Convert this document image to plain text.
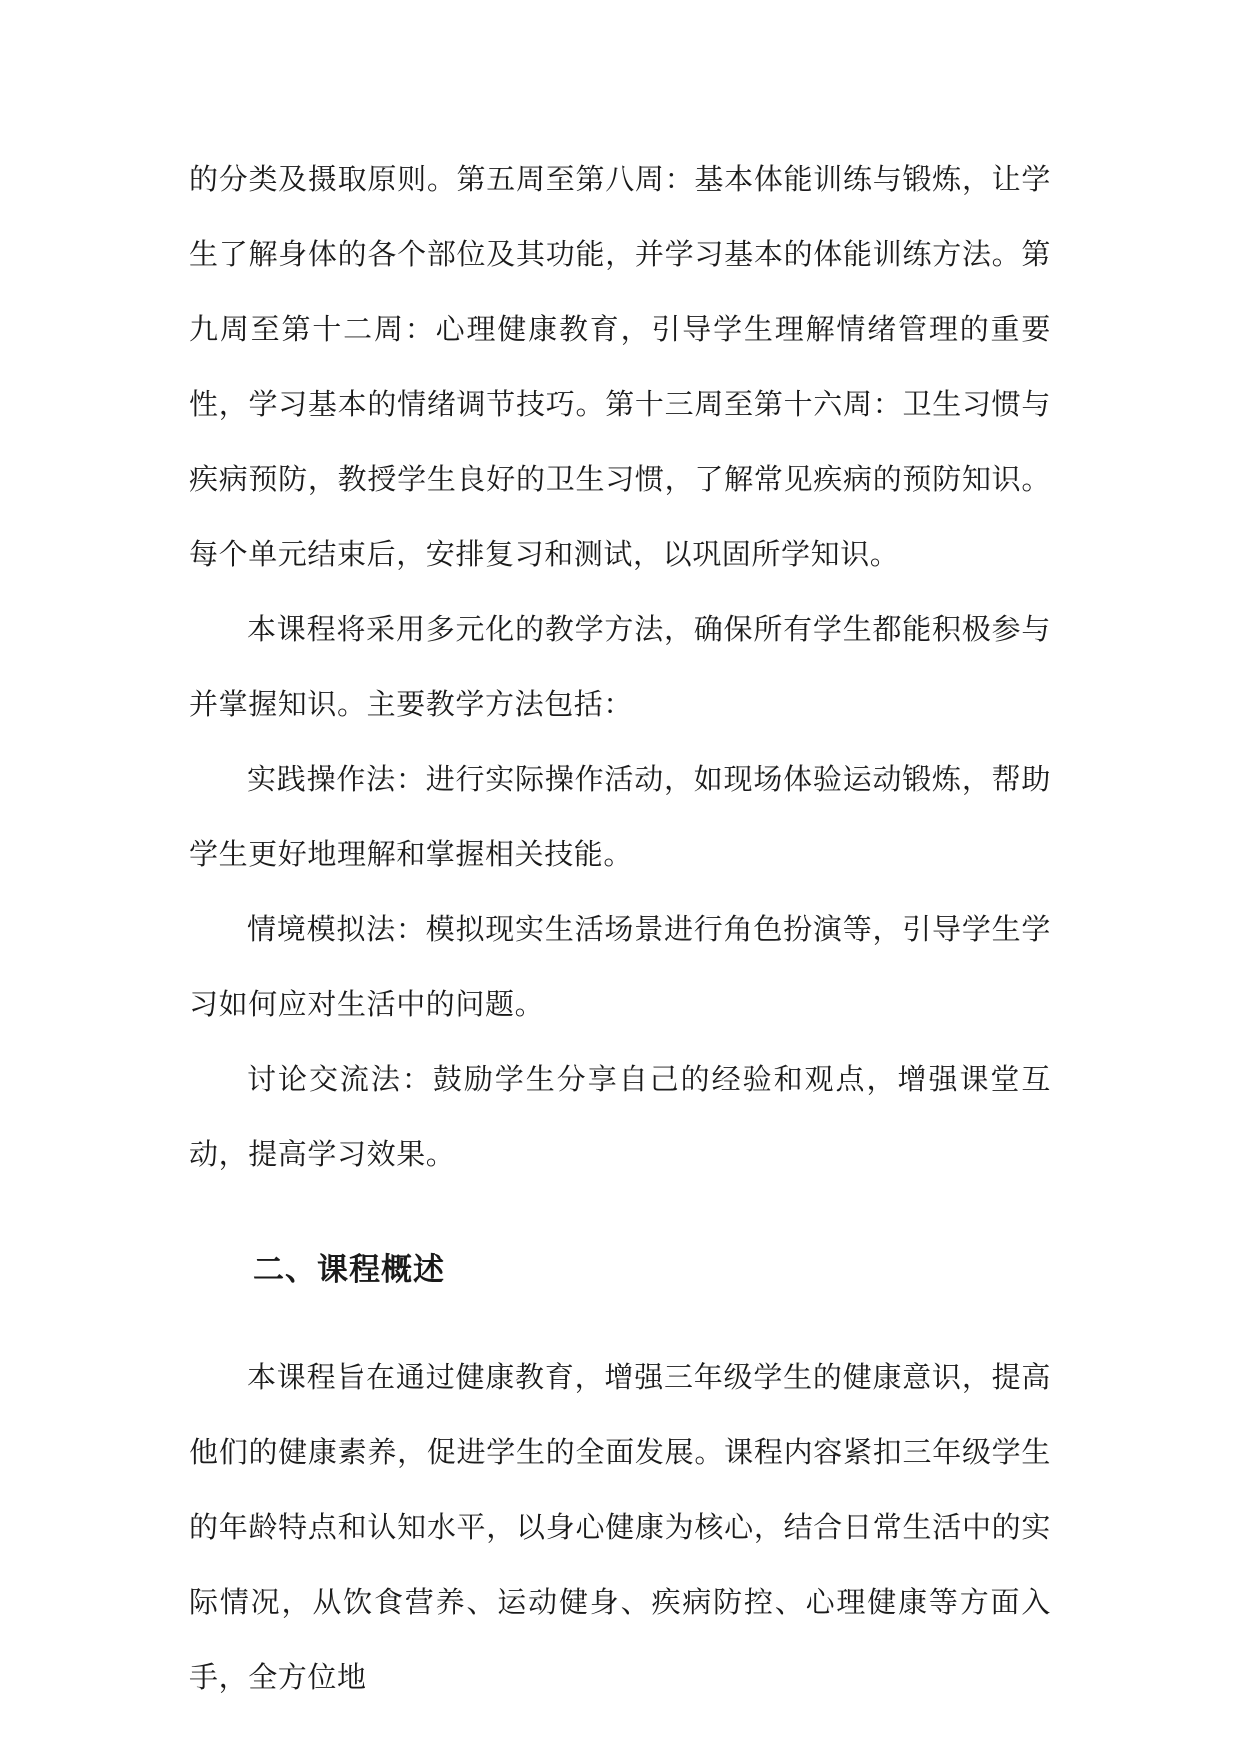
的分类及摄取原则。第五周至第八周：基本体能训练与锻炼，让学生了解身体的各个部位及其功能，并学习基本的体能训练方法。第九周至第十二周：心理健康教育，引导学生理解情绪管理的重要性，学习基本的情绪调节技巧。第十三周至第十六周：卫生习惯与疾病预防，教授学生良好的卫生习惯，了解常见疾病的预防知识。每个单元结束后，安排复习和测试，以巩固所学知识。

本课程将采用多元化的教学方法，确保所有学生都能积极参与并掌握知识。主要教学方法包括：

实践操作法：进行实际操作活动，如现场体验运动锻炼，帮助学生更好地理解和掌握相关技能。

情境模拟法：模拟现实生活场景进行角色扮演等，引导学生学习如何应对生活中的问题。

讨论交流法：鼓励学生分享自己的经验和观点，增强课堂互动，提高学习效果。

二、课程概述

本课程旨在通过健康教育，增强三年级学生的健康意识，提高他们的健康素养，促进学生的全面发展。课程内容紧扣三年级学生的年龄特点和认知水平，以身心健康为核心，结合日常生活中的实际情况，从饮食营养、运动健身、疾病防控、心理健康等方面入手，全方位地
